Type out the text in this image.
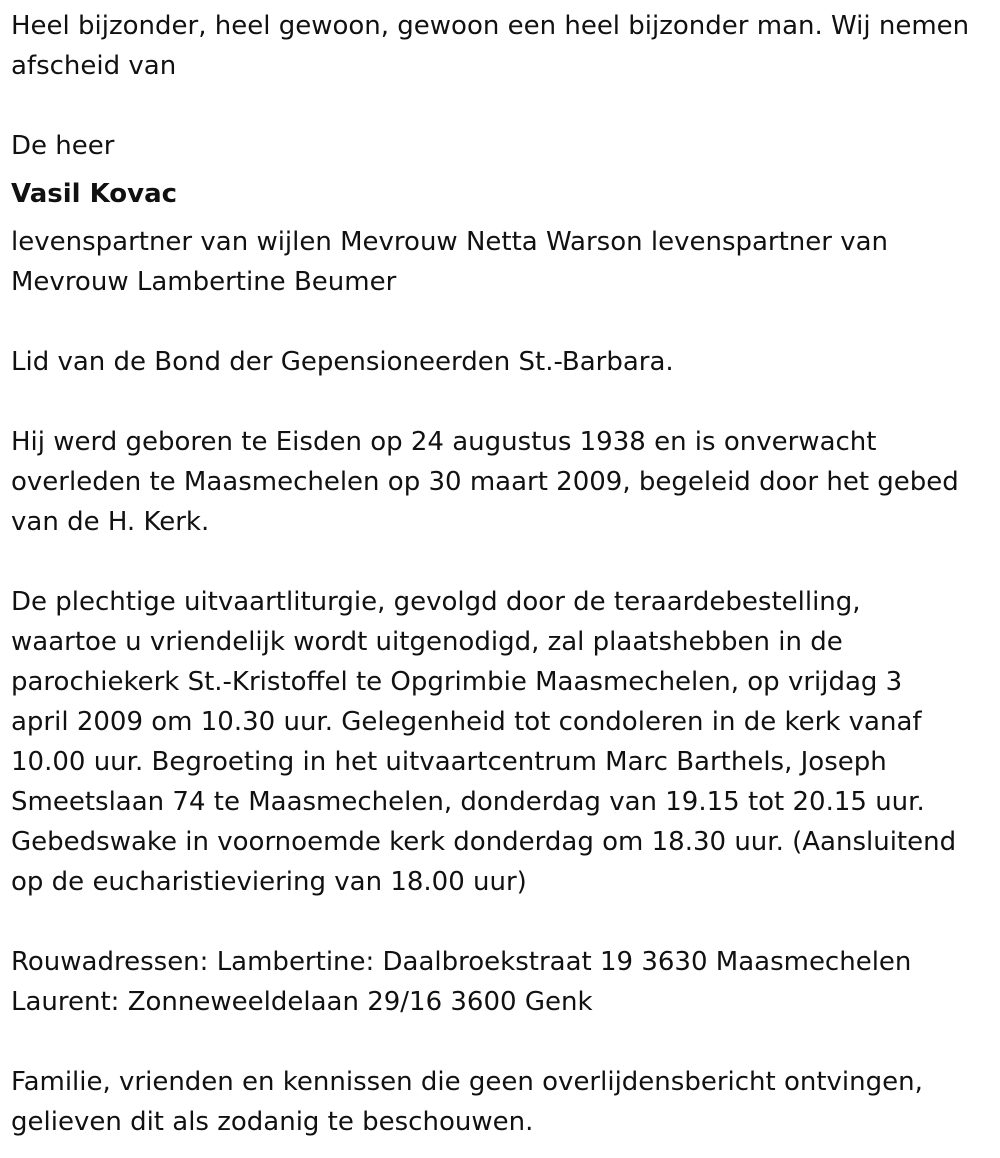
Heel bijzonder, heel gewoon, gewoon een heel bijzonder man. Wij nemen
afscheid van

De heer

Vasil Kovac

levenspartner van wijlen Mevrouw Netta Warson levenspartner van
Mevrouw Lambertine Beumer

Lid van de Bond der Gepensioneerden St.-Barbara.

Hij werd geboren te Eisden op 24 augustus 1938 en is onverwacht
overleden te Maasmechelen op 30 maart 2009, begeleid door het gebed
van de H. Kerk.

De plechtige uitvaartliturgie, gevolgd door de teraardebestelling,
waartoe u vriendelijk wordt uitgenodigd, zal plaatshebben in de
parochiekerk St.-Kristoffel te Opgrimbie Maasmechelen, op vrijdag 3
april 2009 om 10.30 uur. Gelegenheid tot condoleren in de kerk vanaf
10.00 uur. Begroeting in het uitvaartcentrum Marc Barthels, Joseph
Smeetslaan 74 te Maasmechelen, donderdag van 19.15 tot 20.15 uur.
Gebedswake in voornoemde kerk donderdag om 18.30 uur. (Aansluitend
op de eucharistieviering van 18.00 uur)

Rouwadressen: Lambertine: Daalbroekstraat 19 3630 Maasmechelen
Laurent: Zonneweeldelaan 29/16 3600 Genk

Familie, vrienden en kennissen die geen overlijdensbericht ontvingen,
gelieven dit als zodanig te beschouwen.
